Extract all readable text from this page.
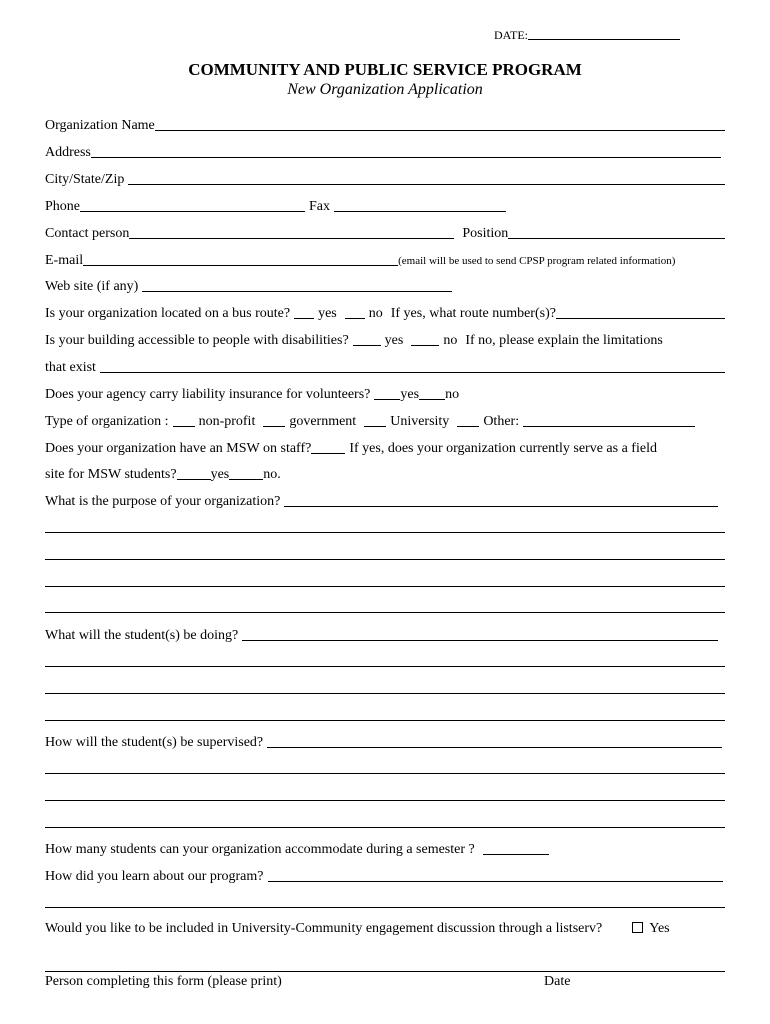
DATE:
COMMUNITY AND PUBLIC SERVICE PROGRAM
New Organization Application
Organization Name
Address
City/State/Zip
Phone	Fax
Contact person	Position
E-mail	(email will be used to send CPSP program related information)
Web site (if any)
Is your organization located on a bus route? yes no If yes, what route number(s)?
Is your building accessible to people with disabilities?	yes	no If no, please explain the limitations
that exist
Does your agency carry liability insurance for volunteers? yes no
Type of organization : non-profit government University Other:
Does your organization have an MSW on staff?	If yes, does your organization currently serve as a field
site for MSW students? yes no.
What is the purpose of your organization?
What will the student(s) be doing?
How will the student(s) be supervised?
How many students can your organization accommodate during a semester ?
How did you learn about our program?
Would you like to be included in University-Community engagement discussion through a listserv?	Yes
Person completing this form (please print)	Date
